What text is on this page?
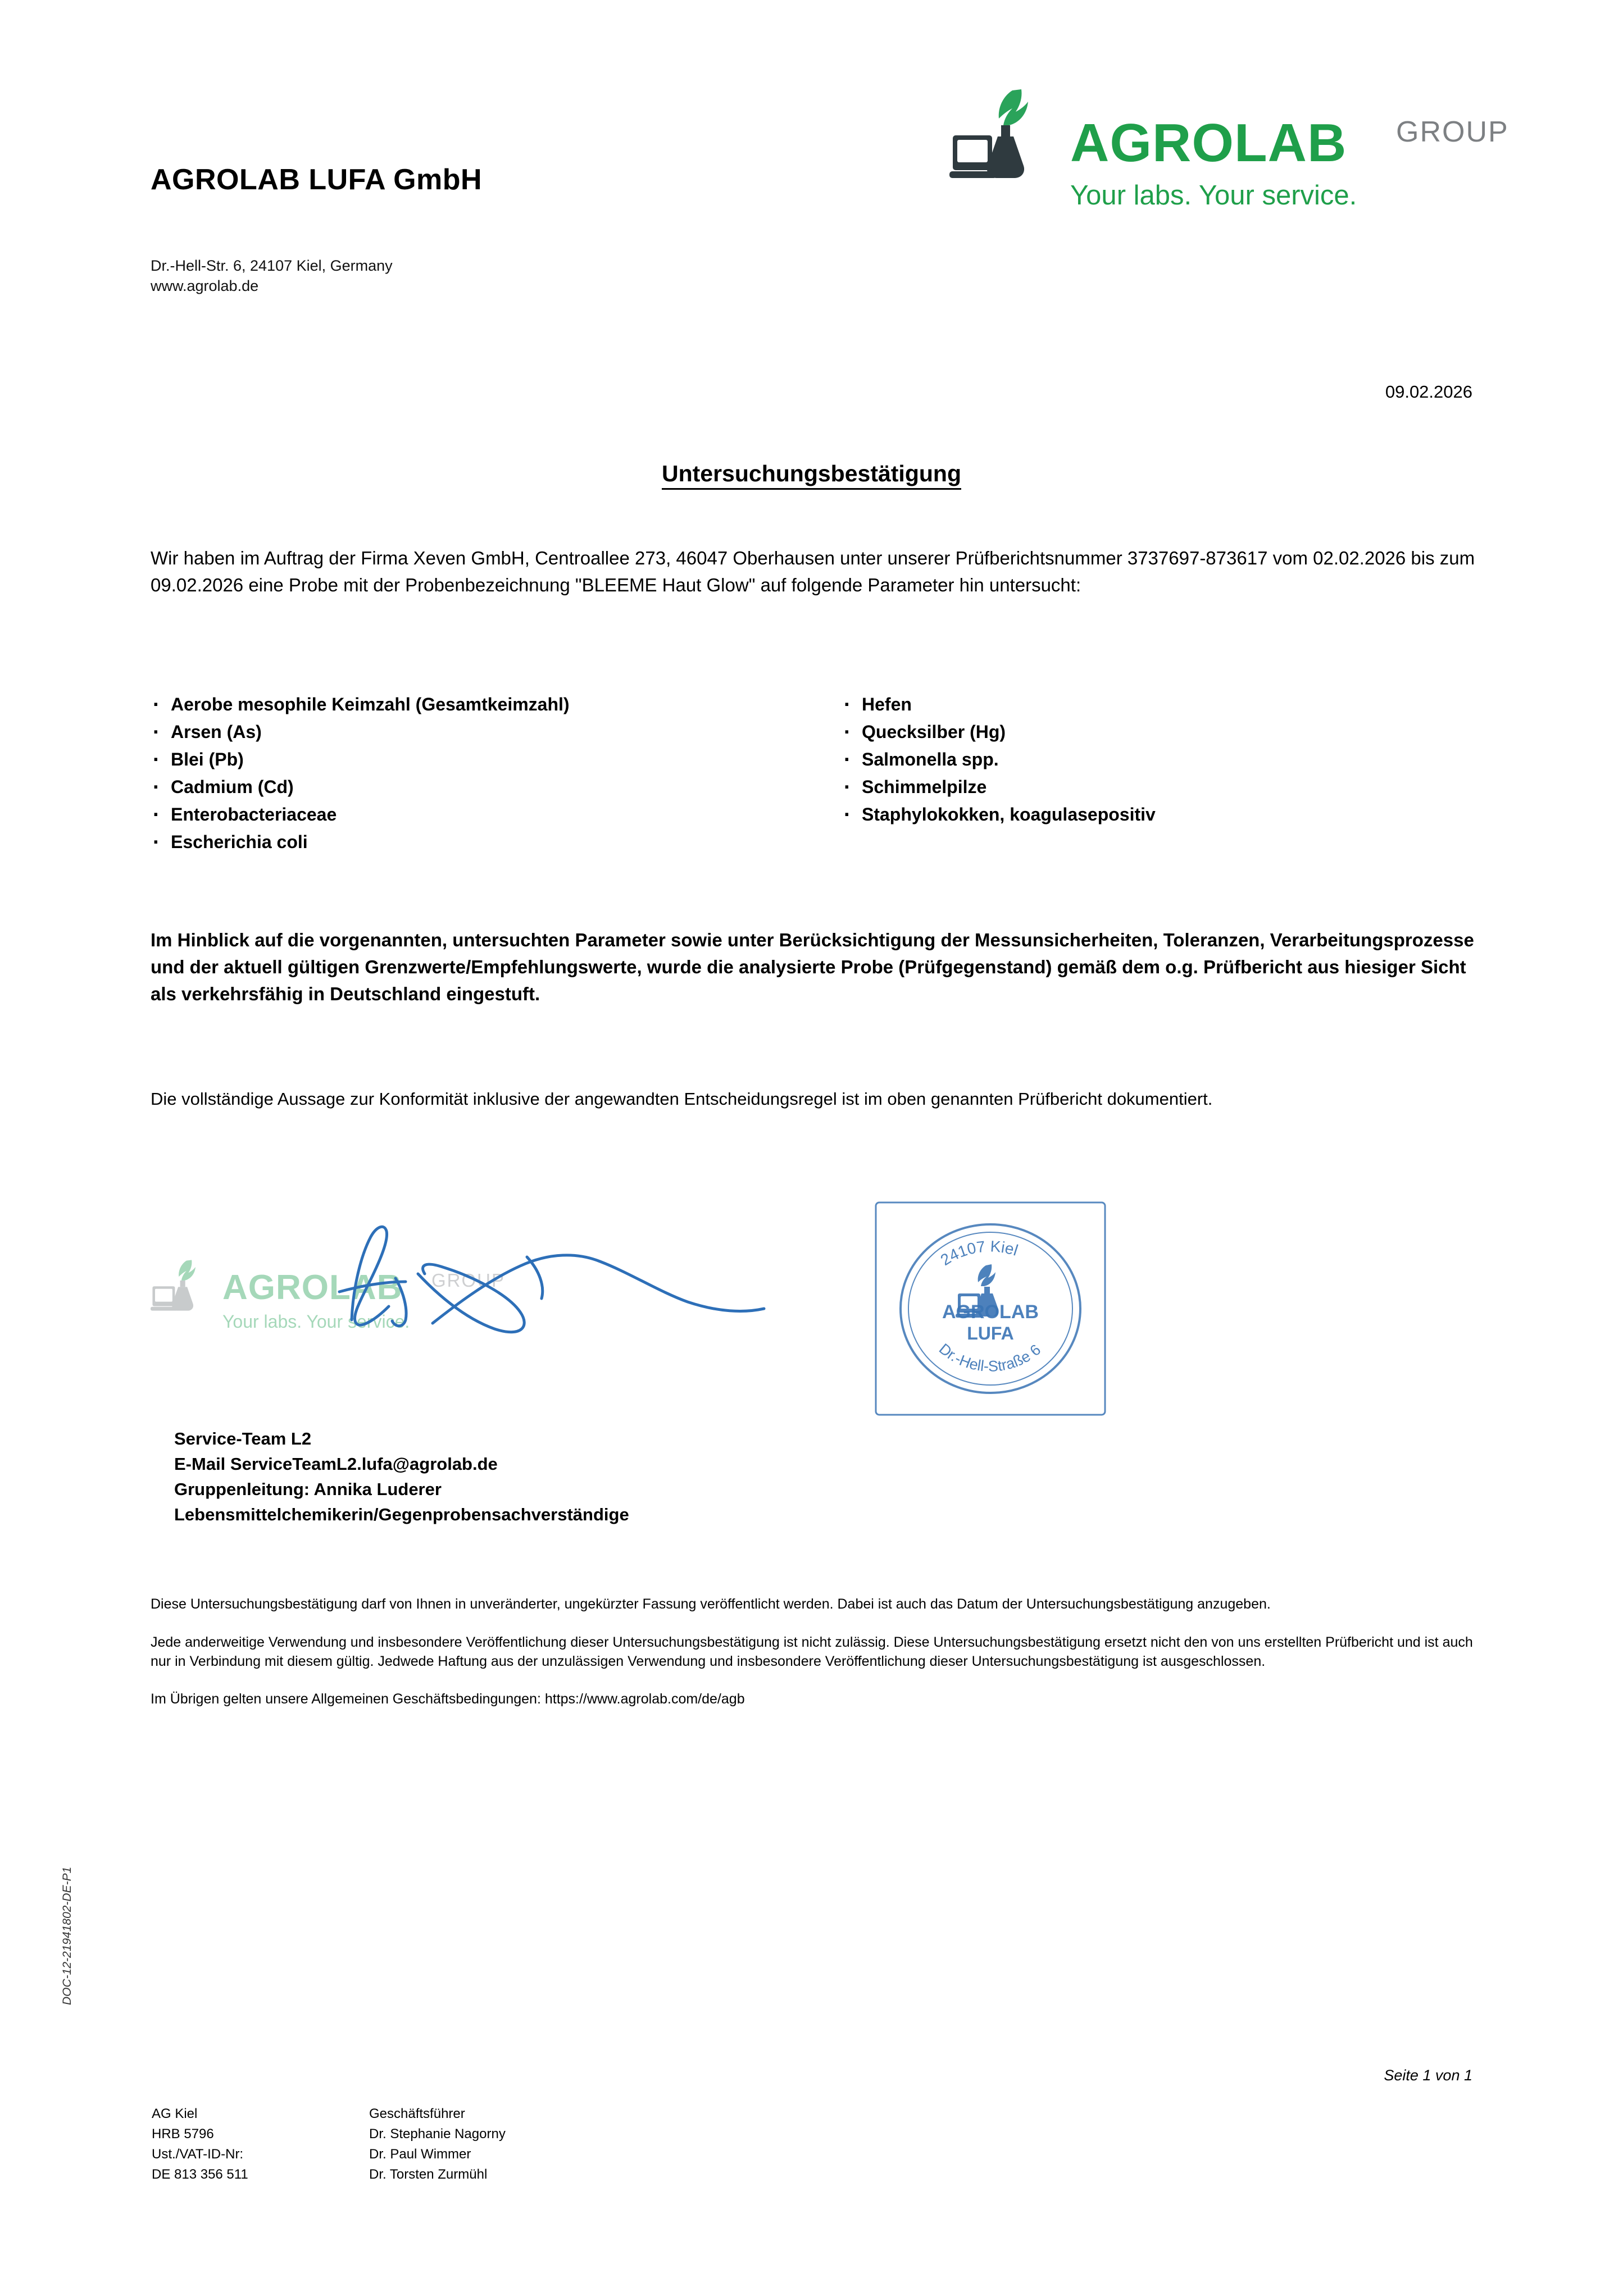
AGROLAB LUFA GmbH
Dr.-Hell-Str. 6, 24107 Kiel, Germany
www.agrolab.de
AGROLAB GROUP
Your labs. Your service.
09.02.2026
Untersuchungsbestätigung
Wir haben im Auftrag der Firma Xeven GmbH, Centroallee 273, 46047 Oberhausen unter unserer Prüfberichtsnummer 3737697-873617 vom 02.02.2026 bis zum 09.02.2026 eine Probe mit der Probenbezeichnung "BLEEME Haut Glow" auf folgende Parameter hin untersucht:
· Aerobe mesophile Keimzahl (Gesamtkeimzahl)
· Arsen (As)
· Blei (Pb)
· Cadmium (Cd)
· Enterobacteriaceae
· Escherichia coli
· Hefen
· Quecksilber (Hg)
· Salmonella spp.
· Schimmelpilze
· Staphylokokken, koagulasepositiv
Im Hinblick auf die vorgenannten, untersuchten Parameter sowie unter Berücksichtigung der Messunsicherheiten, Toleranzen, Verarbeitungsprozesse und der aktuell gültigen Grenzwerte/Empfehlungswerte, wurde die analysierte Probe (Prüfgegenstand) gemäß dem o.g. Prüfbericht aus hiesiger Sicht als verkehrsfähig in Deutschland eingestuft.
Die vollständige Aussage zur Konformität inklusive der angewandten Entscheidungsregel ist im oben genannten Prüfbericht dokumentiert.
AGROLAB GROUP
Your labs. Your service.	AGROLAB
LUFA
24107 Kiel
Dr.-Hell-Straße 6
Service-Team L2
E-Mail ServiceTeamL2.lufa@agrolab.de
Gruppenleitung: Annika Luderer
Lebensmittelchemikerin/Gegenprobensachverständige

Diese Untersuchungsbestätigung darf von Ihnen in unveränderter, ungekürzter Fassung veröffentlicht werden. Dabei ist auch das Datum der Untersuchungsbestätigung anzugeben.

Jede anderweitige Verwendung und insbesondere Veröffentlichung dieser Untersuchungsbestätigung ist nicht zulässig. Diese Untersuchungsbestätigung ersetzt nicht den von uns erstellten Prüfbericht und ist auch nur in Verbindung mit diesem gültig. Jedwede Haftung aus der unzulässigen Verwendung und insbesondere Veröffentlichung dieser Untersuchungsbestätigung ist ausgeschlossen.

Im Übrigen gelten unsere Allgemeinen Geschäftsbedingungen: https://www.agrolab.com/de/agb

DOC-12-21941802-DE-P1
Seite 1 von 1
AG Kiel	Geschäftsführer
HRB 5796	Dr. Stephanie Nagorny
Ust./VAT-ID-Nr:	Dr. Paul Wimmer
DE 813 356 511	Dr. Torsten Zurmühl
